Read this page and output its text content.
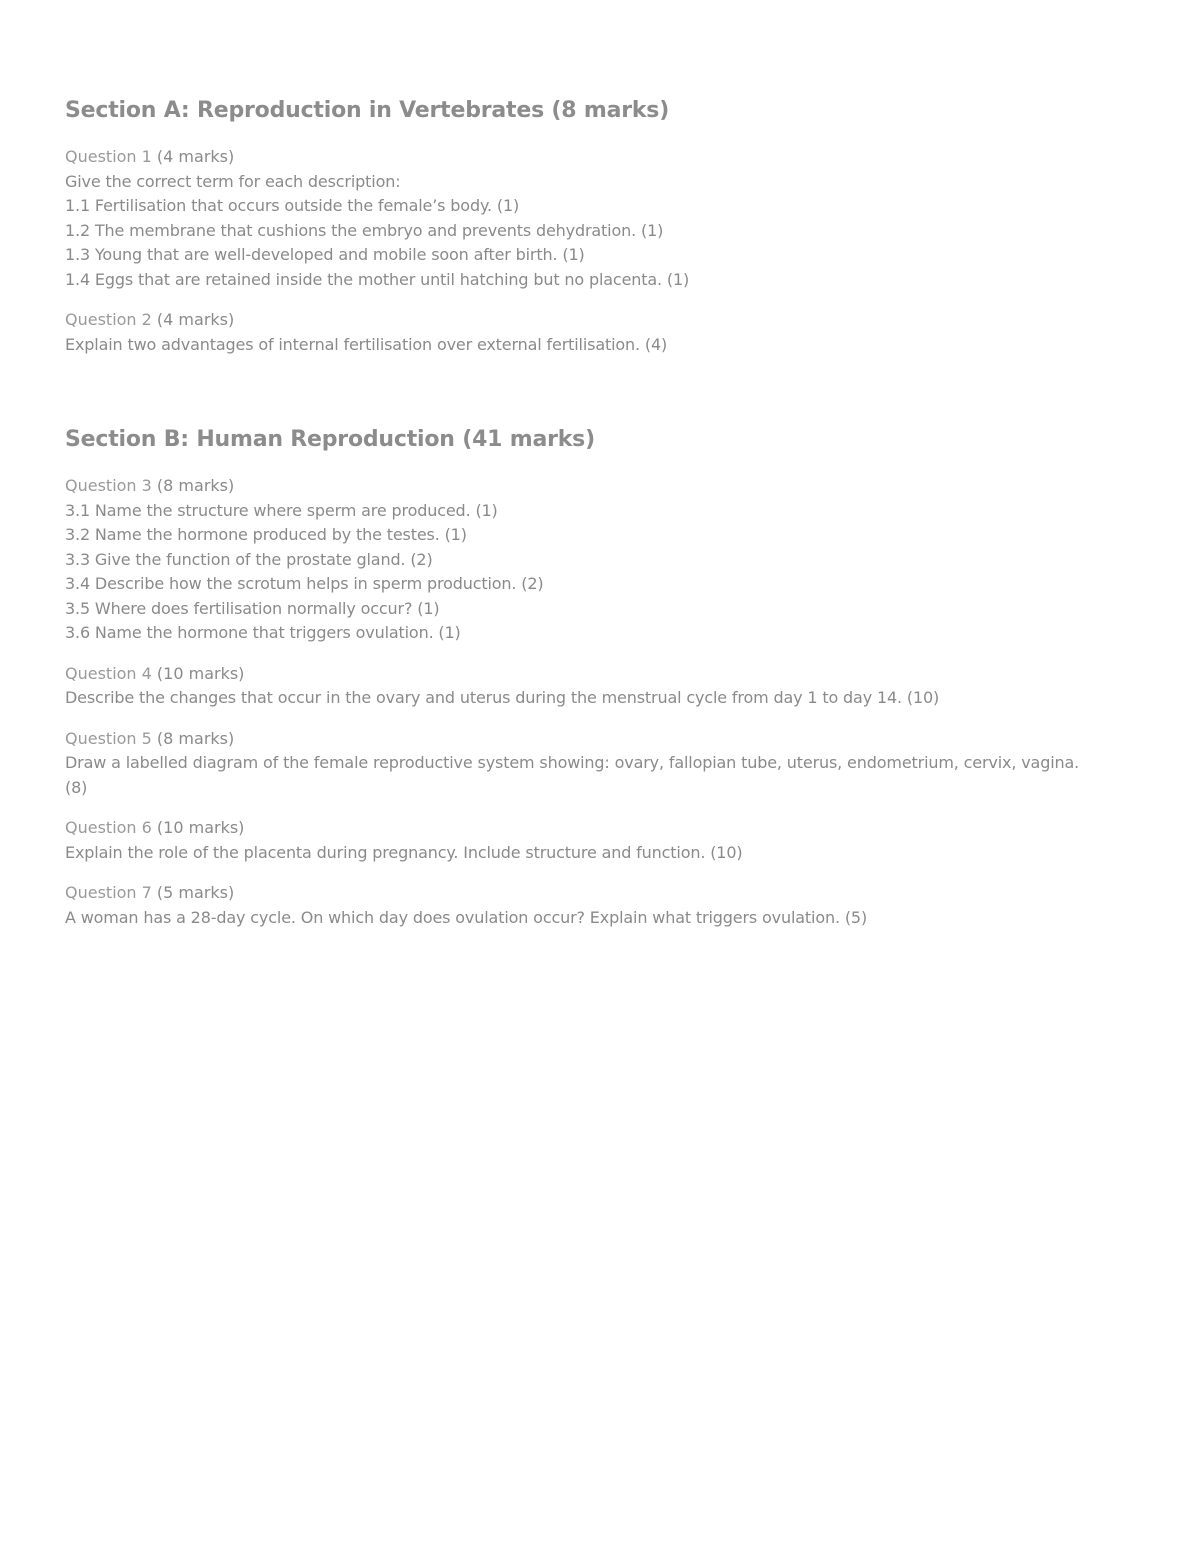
Section A: Reproduction in Vertebrates (8 marks)

Question 1 (4 marks)

Give the correct term for each description:

1.1 Fertilisation that occurs outside the female’s body. (1)

1.2 The membrane that cushions the embryo and prevents dehydration. (1)

1.3 Young that are well-developed and mobile soon after birth. (1)

1.4 Eggs that are retained inside the mother until hatching but no placenta. (1)

Question 2 (4 marks)

Explain two advantages of internal fertilisation over external fertilisation. (4)

Section B: Human Reproduction (41 marks)

Question 3 (8 marks)

3.1 Name the structure where sperm are produced. (1)

3.2 Name the hormone produced by the testes. (1)

3.3 Give the function of the prostate gland. (2)

3.4 Describe how the scrotum helps in sperm production. (2)

3.5 Where does fertilisation normally occur? (1)

3.6 Name the hormone that triggers ovulation. (1)

Question 4 (10 marks)

Describe the changes that occur in the ovary and uterus during the menstrual cycle from day 1 to day 14. (10)

Question 5 (8 marks)

Draw a labelled diagram of the female reproductive system showing: ovary, fallopian tube, uterus, endometrium, cervix, vagina.

(8)

Question 6 (10 marks)

Explain the role of the placenta during pregnancy. Include structure and function. (10)

Question 7 (5 marks)

A woman has a 28-day cycle. On which day does ovulation occur? Explain what triggers ovulation. (5)
